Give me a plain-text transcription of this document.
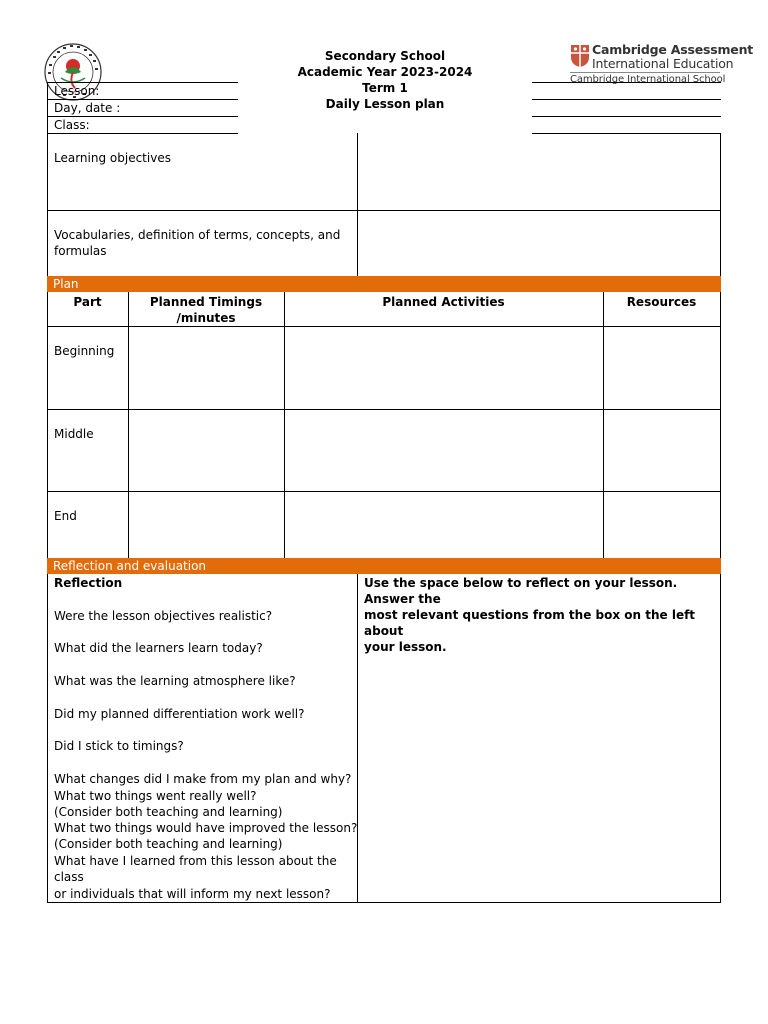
Secondary School
Academic Year 2023-2024
Term 1
Daily Lesson plan
Cambridge Assessment
International Education
Cambridge International School
Lesson:
Day, date :
Class:
Learning objectives
Vocabularies, definition of terms, concepts, and
formulas
Plan
Part	Planned Timings
/minutes
Planned Activities	Resources
Beginning
Middle
End
Reflection and evaluation
Reflection
Were the lesson objectives realistic?
What did the learners learn today?
What was the learning atmosphere like?
Did my planned differentiation work well?
Did I stick to timings?
What changes did I make from my plan and why?
What two things went really well?
(Consider both teaching and learning)
What two things would have improved the lesson?
(Consider both teaching and learning)
What have I learned from this lesson about the
class
or individuals that will inform my next lesson?
Use the space below to reflect on your lesson. Answer the
most relevant questions from the box on the left about
your lesson.
